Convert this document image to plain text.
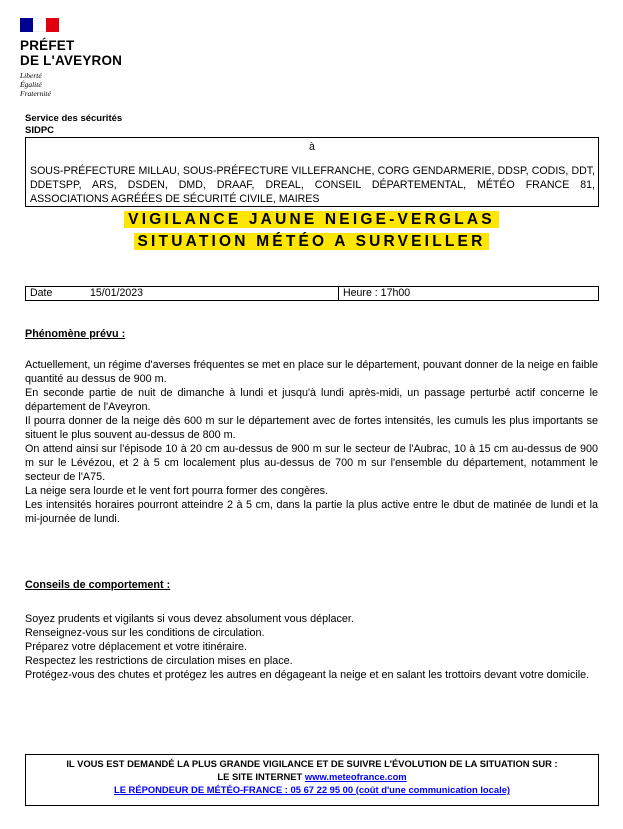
PRÉFET
DE L'AVEYRON
Liberté
Égalité
Fraternité
Service des sécurités
SIDPC
à
SOUS-PRÉFECTURE MILLAU, SOUS-PRÉFECTURE VILLEFRANCHE, CORG GENDARMERIE, DDSP, CODIS, DDT, DDETSPP, ARS, DSDEN, DMD, DRAAF, DREAL, CONSEIL DÉPARTEMENTAL, MÉTÉO FRANCE 81, ASSOCIATIONS AGRÉÉES DE SÉCURITÉ CIVILE, MAIRES
VIGILANCE JAUNE NEIGE-VERGLAS
SITUATION MÉTÉO A SURVEILLER
Date	15/01/2023	Heure : 17h00
Phénomène prévu :

Actuellement, un régime d'averses fréquentes se met en place sur le département, pouvant donner de la neige en faible quantité au dessus de 900 m.

En seconde partie de nuit de dimanche à lundi et jusqu'à lundi après-midi, un passage perturbé actif concerne le département de l'Aveyron.

Il pourra donner de la neige dès 600 m sur le département avec de fortes intensités, les cumuls les plus importants se situent le plus souvent au-dessus de 800 m.

On attend ainsi sur l'épisode 10 à 20 cm au-dessus de 900 m sur le secteur de l'Aubrac, 10 à 15 cm au-dessus de 900 m sur le Lévézou, et 2 à 5 cm localement plus au-dessus de 700 m sur l'ensemble du département, notamment le secteur de l'A75.

La neige sera lourde et le vent fort pourra former des congères.

Les intensités horaires pourront atteindre 2 à 5 cm, dans la partie la plus active entre le dbut de matinée de lundi et la mi-journée de lundi.

Conseils de comportement :

Soyez prudents et vigilants si vous devez absolument vous déplacer.

Renseignez-vous sur les conditions de circulation.

Préparez votre déplacement et votre itinéraire.

Respectez les restrictions de circulation mises en place.

Protégez-vous des chutes et protégez les autres en dégageant la neige et en salant les trottoirs devant votre domicile.

IL VOUS EST DEMANDÉ LA PLUS GRANDE VIGILANCE ET DE SUIVRE L'ÉVOLUTION DE LA SITUATION SUR :
LE SITE INTERNET www.meteofrance.com
LE RÉPONDEUR DE MÉTÉO-FRANCE : 05 67 22 95 00 (coût d'une communication locale)
